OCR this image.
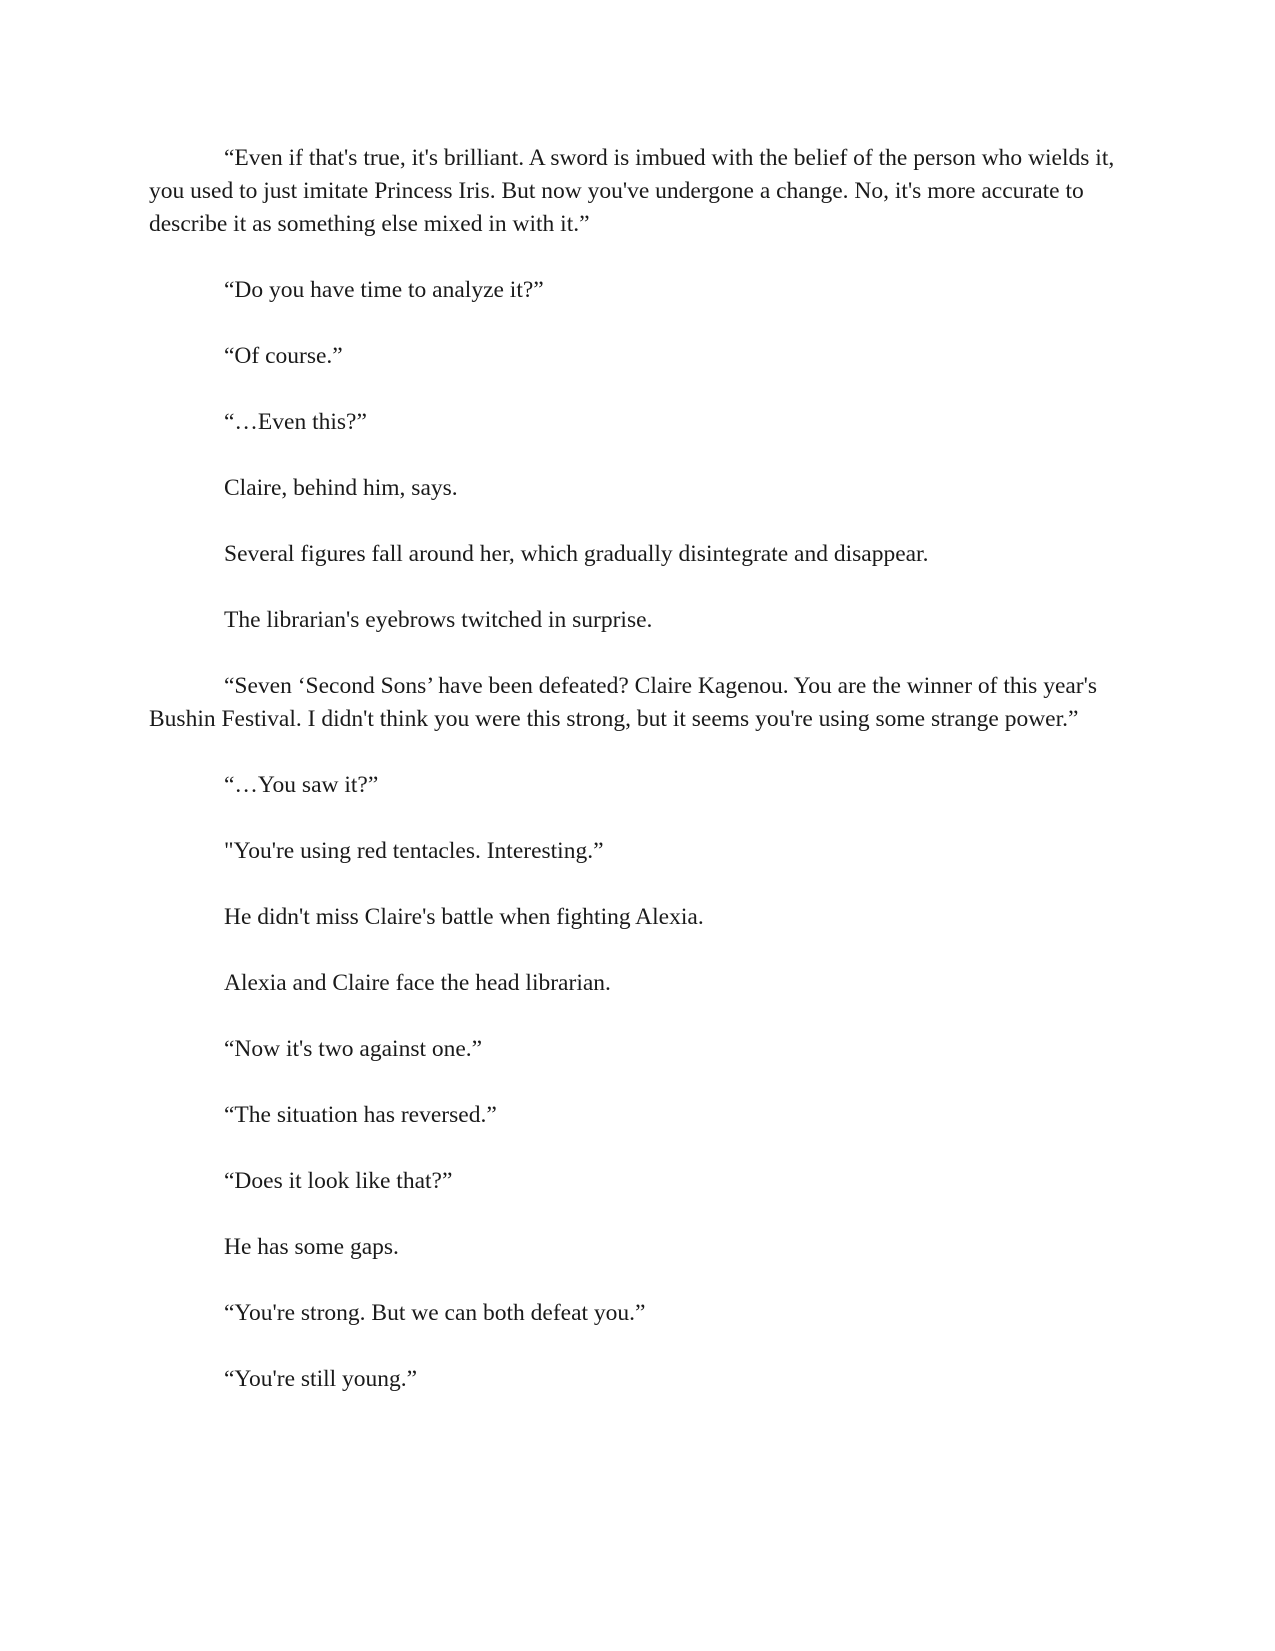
“Even if that's true, it's brilliant. A sword is imbued with the belief of the person who wields it, you used to just imitate Princess Iris. But now you've undergone a change. No, it's more accurate to describe it as something else mixed in with it.”

“Do you have time to analyze it?”

“Of course.”

“…Even this?”

Claire, behind him, says.

Several figures fall around her, which gradually disintegrate and disappear.

The librarian's eyebrows twitched in surprise.

“Seven ‘Second Sons’ have been defeated? Claire Kagenou. You are the winner of this year's Bushin Festival. I didn't think you were this strong, but it seems you're using some strange power.”

“…You saw it?”

"You're using red tentacles. Interesting.”

He didn't miss Claire's battle when fighting Alexia.

Alexia and Claire face the head librarian.

“Now it's two against one.”

“The situation has reversed.”

“Does it look like that?”

He has some gaps.

“You're strong. But we can both defeat you.”

“You're still young.”
